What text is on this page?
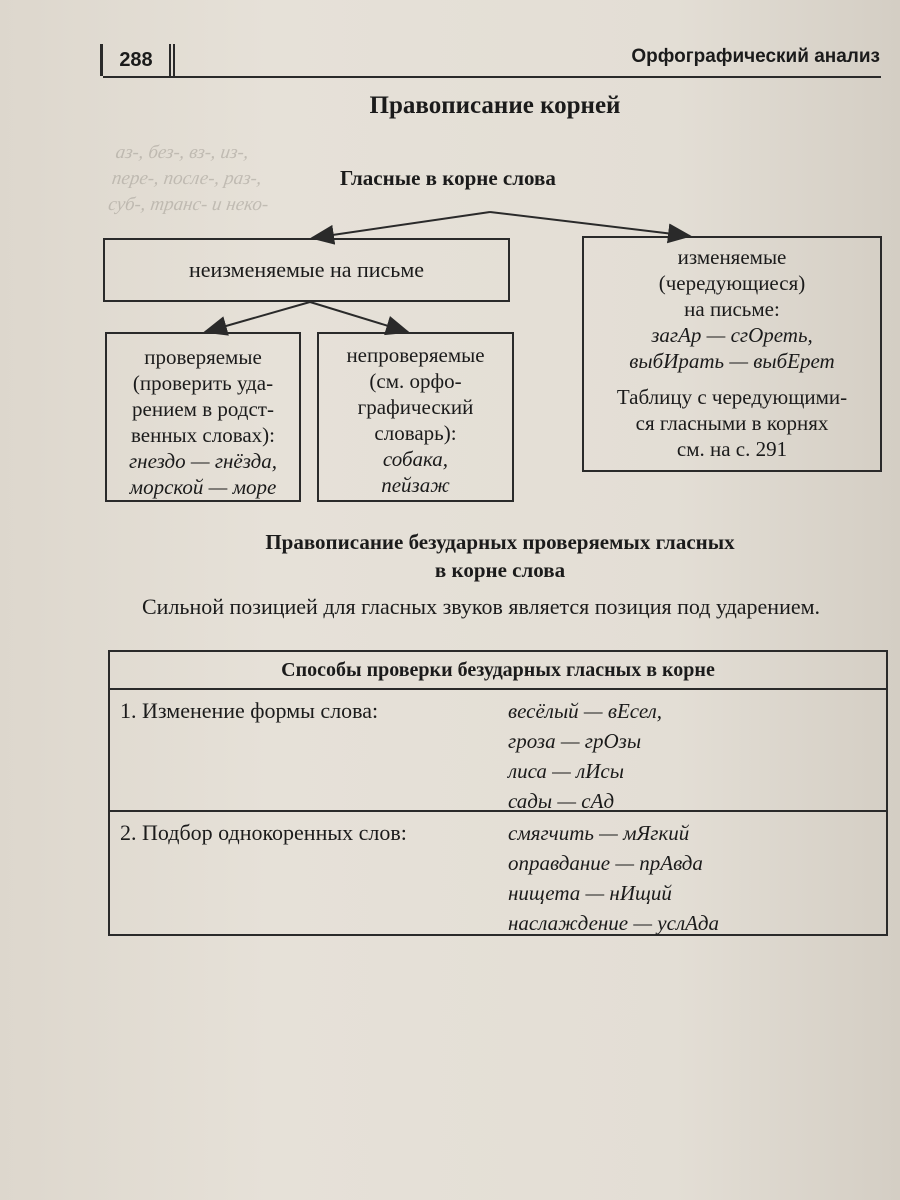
аз-, без-, вз-, из-,
пере-, после-, раз-,
суб-, транс- и неко-
288	Орфографический анализ
Правописание корней
Гласные в корне слова
неизменяемые на письме	изменяемые
(чередующиеся)
на письме:
загАр — сгОреть,
выбИрать — выбЕрет
Таблицу с чередующими-
ся гласными в корнях
см. на с. 291
проверяемые
(проверить уда-
рением в родст-
венных словах):
гнездо — гнёзда,
морской — море
непроверяемые
(см. орфо-
графический
словарь):
собака,
пейзаж
Правописание безударных проверяемых гласных
в корне слова
Сильной позицией для гласных звуков является позиция под ударением.
Способы проверки безударных гласных в корне
1. Изменение формы слова:	весёлый — вЕсел,
гроза — грОзы
лиса — лИсы
сады — сАд
2. Подбор однокоренных слов:	смягчить — мЯгкий
оправдание — прАвда
нищета — нИщий
наслаждение — услАда
